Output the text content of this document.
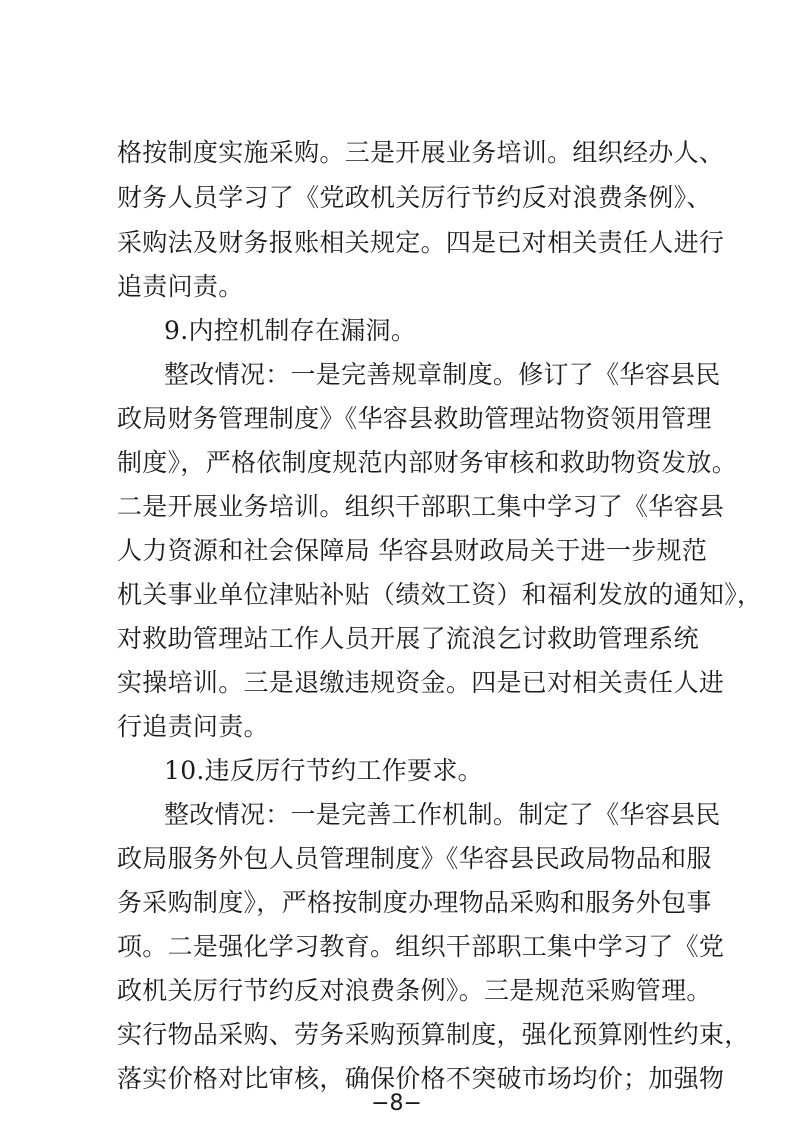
格按制度实施采购。三是开展业务培训。组织经办人、
财务人员学习了《党政机关厉行节约反对浪费条例》、
采购法及财务报账相关规定。四是已对相关责任人进行
追责问责。
9.内控机制存在漏洞。
整改情况：一是完善规章制度。修订了《华容县民
政局财务管理制度》《华容县救助管理站物资领用管理
制度》，严格依制度规范内部财务审核和救助物资发放。
二是开展业务培训。组织干部职工集中学习了《华容县
人力资源和社会保障局 华容县财政局关于进一步规范
机关事业单位津贴补贴（绩效工资）和福利发放的通知》，
对救助管理站工作人员开展了流浪乞讨救助管理系统
实操培训。三是退缴违规资金。四是已对相关责任人进
行追责问责。
10.违反厉行节约工作要求。
整改情况：一是完善工作机制。制定了《华容县民
政局服务外包人员管理制度》《华容县民政局物品和服
务采购制度》，严格按制度办理物品采购和服务外包事
项。二是强化学习教育。组织干部职工集中学习了《党
政机关厉行节约反对浪费条例》。三是规范采购管理。
实行物品采购、劳务采购预算制度，强化预算刚性约束，
落实价格对比审核，确保价格不突破市场均价；加强物
−8−
